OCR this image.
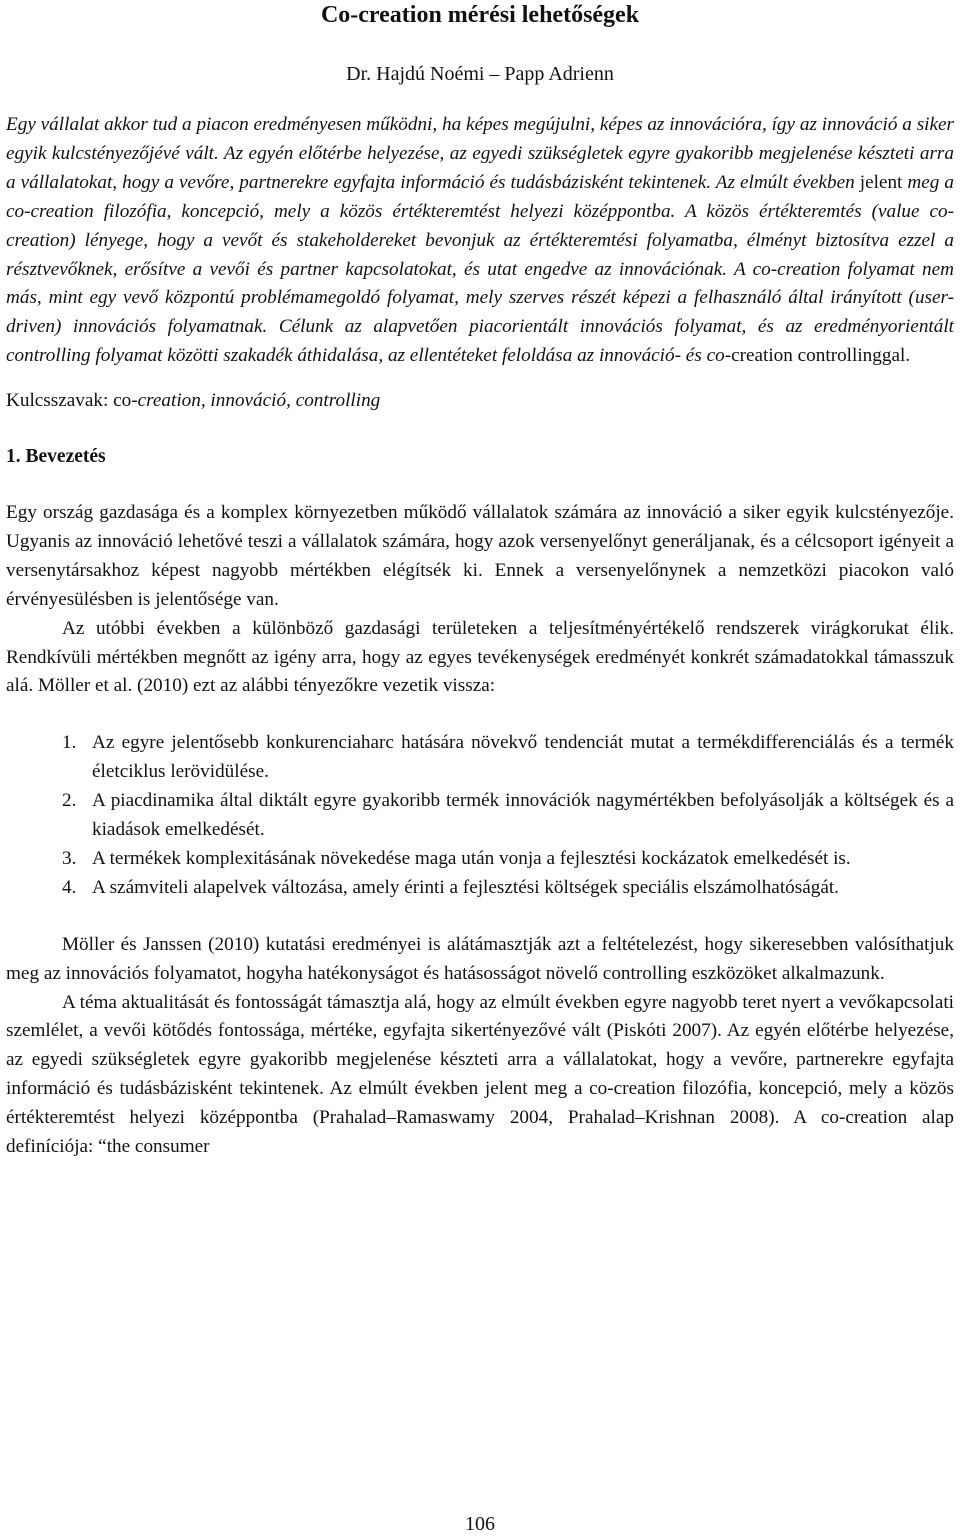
Co-creation mérési lehetőségek
Dr. Hajdú Noémi – Papp Adrienn

Egy vállalat akkor tud a piacon eredményesen működni, ha képes megújulni, képes az innovációra, így az innováció a siker egyik kulcstényezőjévé vált. Az egyén előtérbe helyezése, az egyedi szükségletek egyre gyakoribb megjelenése készteti arra a vállalatokat, hogy a vevőre, partnerekre egyfajta információ és tudásbázisként tekintenek. Az elmúlt években jelent meg a co-creation filozófia, koncepció, mely a közös értékteremtést helyezi középpontba. A közös értékteremtés (value co-creation) lényege, hogy a vevőt és stakeholdereket bevonjuk az értékteremtési folyamatba, élményt biztosítva ezzel a résztvevőknek, erősítve a vevői és partner kapcsolatokat, és utat engedve az innovációnak. A co-creation folyamat nem más, mint egy vevő központú problémamegoldó folyamat, mely szerves részét képezi a felhasználó által irányított (user-driven) innovációs folyamatnak. Célunk az alapvetően piacorientált innovációs folyamat, és az eredményorientált controlling folyamat közötti szakadék áthidalása, az ellentéteket feloldása az innováció- és co-creation controllinggal.

Kulcsszavak: co-creation, innováció, controlling

1. Bevezetés

Egy ország gazdasága és a komplex környezetben működő vállalatok számára az innováció a siker egyik kulcstényezője. Ugyanis az innováció lehetővé teszi a vállalatok számára, hogy azok versenyelőnyt generáljanak, és a célcsoport igényeit a versenytársakhoz képest nagyobb mértékben elégítsék ki. Ennek a versenyelőnynek a nemzetközi piacokon való érvényesülésben is jelentősége van.

Az utóbbi években a különböző gazdasági területeken a teljesítményértékelő rendszerek virágkorukat élik. Rendkívüli mértékben megnőtt az igény arra, hogy az egyes tevékenységek eredményét konkrét számadatokkal támasszuk alá. Möller et al. (2010) ezt az alábbi tényezőkre vezetik vissza:

1. Az egyre jelentősebb konkurenciaharc hatására növekvő tendenciát mutat a termékdifferenciálás és a termék életciklus lerövidülése.
2. A piacdinamika által diktált egyre gyakoribb termék innovációk nagymértékben befolyásolják a költségek és a kiadások emelkedését.
3. A termékek komplexitásának növekedése maga után vonja a fejlesztési kockázatok emelkedését is.
4. A számviteli alapelvek változása, amely érinti a fejlesztési költségek speciális elszámolhatóságát.

Möller és Janssen (2010) kutatási eredményei is alátámasztják azt a feltételezést, hogy sikeresebben valósíthatjuk meg az innovációs folyamatot, hogyha hatékonyságot és hatásosságot növelő controlling eszközöket alkalmazunk.

A téma aktualitását és fontosságát támasztja alá, hogy az elmúlt években egyre nagyobb teret nyert a vevőkapcsolati szemlélet, a vevői kötődés fontossága, mértéke, egyfajta sikertényezővé vált (Piskóti 2007). Az egyén előtérbe helyezése, az egyedi szükségletek egyre gyakoribb megjelenése készteti arra a vállalatokat, hogy a vevőre, partnerekre egyfajta információ és tudásbázisként tekintenek. Az elmúlt években jelent meg a co-creation filozófia, koncepció, mely a közös értékteremtést helyezi középpontba (Prahalad–Ramaswamy 2004, Prahalad–Krishnan 2008). A co-creation alap definíciója: “the consumer

106
